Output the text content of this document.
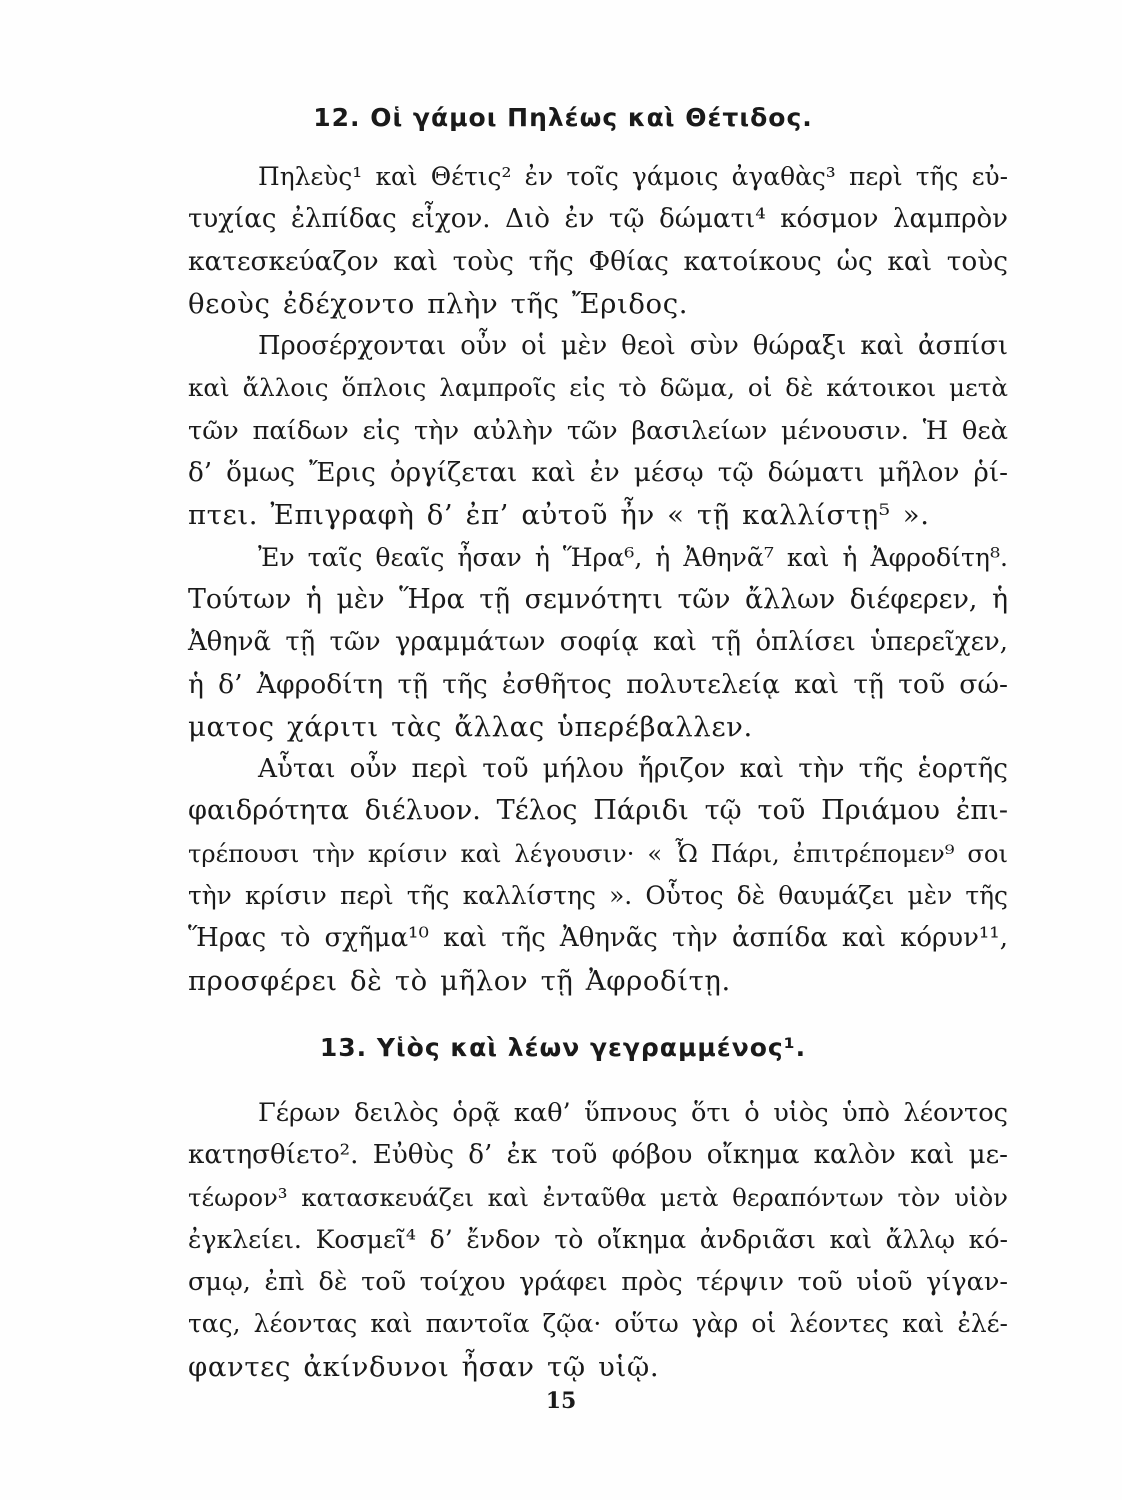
12. Οἱ γάμοι Πηλέως καὶ Θέτιδος.

Πηλεὺς¹ καὶ Θέτις² ἐν τοῖς γάμοις ἀγαθὰς³ περὶ τῆς εὐ-
τυχίας ἐλπίδας εἶχον. Διὸ ἐν τῷ δώματι⁴ κόσμον λαμπρὸν
κατεσκεύαζον καὶ τοὺς τῆς Φθίας κατοίκους ὡς καὶ τοὺς
θεοὺς ἐδέχοντο πλὴν τῆς Ἔριδος.

Προσέρχονται οὖν οἱ μὲν θεοὶ σὺν θώραξι καὶ ἀσπίσι
καὶ ἄλλοις ὅπλοις λαμπροῖς εἰς τὸ δῶμα, οἱ δὲ κάτοικοι μετὰ
τῶν παίδων εἰς τὴν αὐλὴν τῶν βασιλείων μένουσιν. Ἡ θεὰ
δ’ ὅμως Ἔρις ὀργίζεται καὶ ἐν μέσῳ τῷ δώματι μῆλον ῥί-
πτει. Ἐπιγραφὴ δ’ ἐπ’ αὐτοῦ ἦν « τῇ καλλίστῃ⁵ ».

Ἐν ταῖς θεαῖς ἦσαν ἡ Ἥρα⁶, ἡ Ἀθηνᾶ⁷ καὶ ἡ Ἀφροδίτη⁸.
Τούτων ἡ μὲν Ἥρα τῇ σεμνότητι τῶν ἄλλων διέφερεν, ἡ
Ἀθηνᾶ τῇ τῶν γραμμάτων σοφίᾳ καὶ τῇ ὁπλίσει ὑπερεῖχεν,
ἡ δ’ Ἀφροδίτη τῇ τῆς ἐσθῆτος πολυτελείᾳ καὶ τῇ τοῦ σώ-
ματος χάριτι τὰς ἄλλας ὑπερέβαλλεν.

Αὗται οὖν περὶ τοῦ μήλου ἤριζον καὶ τὴν τῆς ἑορτῆς
φαιδρότητα διέλυον. Τέλος Πάριδι τῷ τοῦ Πριάμου ἐπι-
τρέπουσι τὴν κρίσιν καὶ λέγουσιν· « Ὦ Πάρι, ἐπιτρέπομεν⁹ σοι
τὴν κρίσιν περὶ τῆς καλλίστης ». Οὗτος δὲ θαυμάζει μὲν τῆς
Ἥρας τὸ σχῆμα¹⁰ καὶ τῆς Ἀθηνᾶς τὴν ἀσπίδα καὶ κόρυν¹¹,
προσφέρει δὲ τὸ μῆλον τῇ Ἀφροδίτῃ.

13. Υἱὸς καὶ λέων γεγραμμένος¹.

Γέρων δειλὸς ὁρᾷ καθ’ ὕπνους ὅτι ὁ υἱὸς ὑπὸ λέοντος
κατησθίετο². Εὐθὺς δ’ ἐκ τοῦ φόβου οἴκημα καλὸν καὶ με-
τέωρον³ κατασκευάζει καὶ ἐνταῦθα μετὰ θεραπόντων τὸν υἱὸν
ἐγκλείει. Κοσμεῖ⁴ δ’ ἔνδον τὸ οἴκημα ἀνδριᾶσι καὶ ἄλλῳ κό-
σμῳ, ἐπὶ δὲ τοῦ τοίχου γράφει πρὸς τέρψιν τοῦ υἱοῦ γίγαν-
τας, λέοντας καὶ παντοῖα ζῷα· οὕτω γὰρ οἱ λέοντες καὶ ἐλέ-
φαντες ἀκίνδυνοι ἦσαν τῷ υἱῷ.

15
